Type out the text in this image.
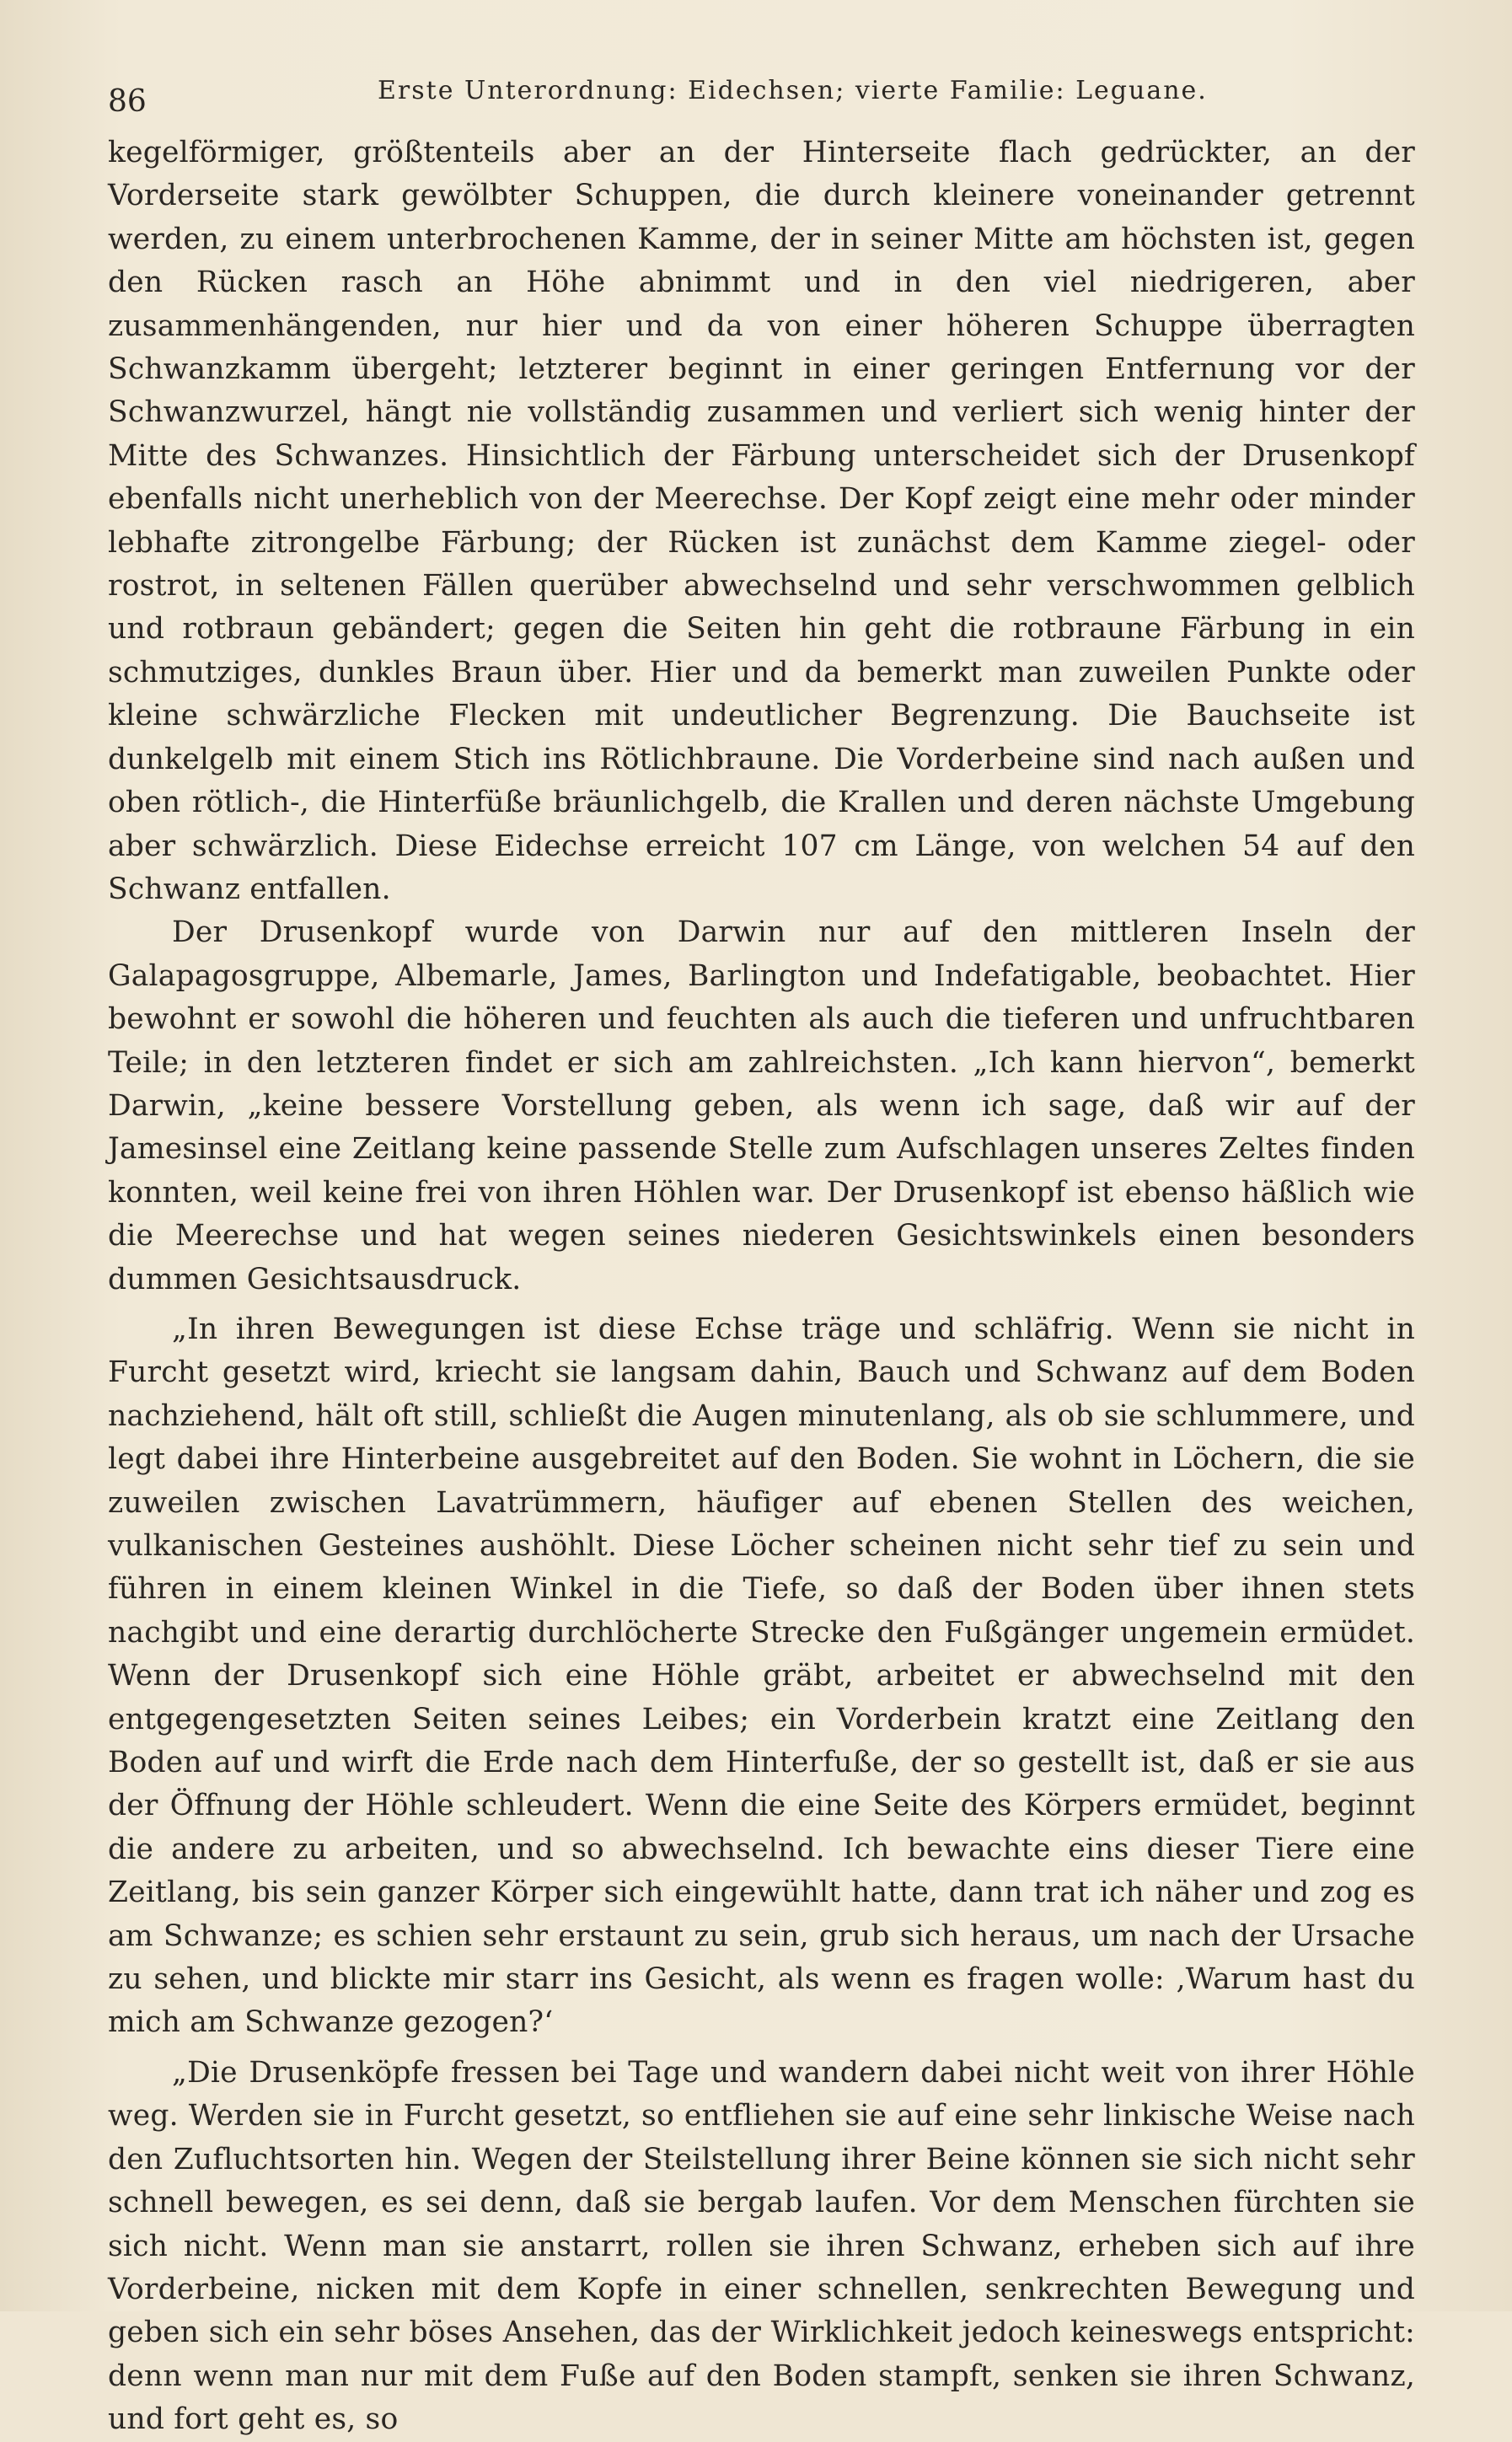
86	Erste Unterordnung: Eidechsen; vierte Familie: Leguane.

kegelförmiger, größtenteils aber an der Hinterseite flach gedrückter, an der Vorderseite stark gewölbter Schuppen, die durch kleinere voneinander getrennt werden, zu einem unterbrochenen Kamme, der in seiner Mitte am höchsten ist, gegen den Rücken rasch an Höhe abnimmt und in den viel niedrigeren, aber zusammenhängenden, nur hier und da von einer höheren Schuppe überragten Schwanzkamm übergeht; letzterer beginnt in einer geringen Entfernung vor der Schwanzwurzel, hängt nie vollständig zusammen und verliert sich wenig hinter der Mitte des Schwanzes. Hinsichtlich der Färbung unterscheidet sich der Drusenkopf ebenfalls nicht unerheblich von der Meerechse. Der Kopf zeigt eine mehr oder minder lebhafte zitrongelbe Färbung; der Rücken ist zunächst dem Kamme ziegel- oder rostrot, in seltenen Fällen querüber abwechselnd und sehr verschwommen gelblich und rotbraun gebändert; gegen die Seiten hin geht die rotbraune Färbung in ein schmutziges, dunkles Braun über. Hier und da bemerkt man zuweilen Punkte oder kleine schwärzliche Flecken mit undeutlicher Begrenzung. Die Bauchseite ist dunkelgelb mit einem Stich ins Rötlichbraune. Die Vorderbeine sind nach außen und oben rötlich-, die Hinterfüße bräunlichgelb, die Krallen und deren nächste Umgebung aber schwärzlich. Diese Eidechse erreicht 107 cm Länge, von welchen 54 auf den Schwanz entfallen.

Der Drusenkopf wurde von Darwin nur auf den mittleren Inseln der Galapagosgruppe, Albemarle, James, Barlington und Indefatigable, beobachtet. Hier bewohnt er sowohl die höheren und feuchten als auch die tieferen und unfruchtbaren Teile; in den letzteren findet er sich am zahlreichsten. „Ich kann hiervon“, bemerkt Darwin, „keine bessere Vorstellung geben, als wenn ich sage, daß wir auf der Jamesinsel eine Zeitlang keine passende Stelle zum Aufschlagen unseres Zeltes finden konnten, weil keine frei von ihren Höhlen war. Der Drusenkopf ist ebenso häßlich wie die Meerechse und hat wegen seines niederen Gesichtswinkels einen besonders dummen Gesichtsausdruck.

„In ihren Bewegungen ist diese Echse träge und schläfrig. Wenn sie nicht in Furcht gesetzt wird, kriecht sie langsam dahin, Bauch und Schwanz auf dem Boden nachziehend, hält oft still, schließt die Augen minutenlang, als ob sie schlummere, und legt dabei ihre Hinterbeine ausgebreitet auf den Boden. Sie wohnt in Löchern, die sie zuweilen zwischen Lavatrümmern, häufiger auf ebenen Stellen des weichen, vulkanischen Gesteines aushöhlt. Diese Löcher scheinen nicht sehr tief zu sein und führen in einem kleinen Winkel in die Tiefe, so daß der Boden über ihnen stets nachgibt und eine derartig durchlöcherte Strecke den Fußgänger ungemein ermüdet. Wenn der Drusenkopf sich eine Höhle gräbt, arbeitet er abwechselnd mit den entgegengesetzten Seiten seines Leibes; ein Vorderbein kratzt eine Zeitlang den Boden auf und wirft die Erde nach dem Hinterfuße, der so gestellt ist, daß er sie aus der Öffnung der Höhle schleudert. Wenn die eine Seite des Körpers ermüdet, beginnt die andere zu arbeiten, und so abwechselnd. Ich bewachte eins dieser Tiere eine Zeitlang, bis sein ganzer Körper sich eingewühlt hatte, dann trat ich näher und zog es am Schwanze; es schien sehr erstaunt zu sein, grub sich heraus, um nach der Ursache zu sehen, und blickte mir starr ins Gesicht, als wenn es fragen wolle: ‚Warum hast du mich am Schwanze gezogen?‘

„Die Drusenköpfe fressen bei Tage und wandern dabei nicht weit von ihrer Höhle weg. Werden sie in Furcht gesetzt, so entfliehen sie auf eine sehr linkische Weise nach den Zufluchtsorten hin. Wegen der Steilstellung ihrer Beine können sie sich nicht sehr schnell bewegen, es sei denn, daß sie bergab laufen. Vor dem Menschen fürchten sie sich nicht. Wenn man sie anstarrt, rollen sie ihren Schwanz, erheben sich auf ihre Vorderbeine, nicken mit dem Kopfe in einer schnellen, senkrechten Bewegung und geben sich ein sehr böses Ansehen, das der Wirklichkeit jedoch keineswegs entspricht: denn wenn man nur mit dem Fuße auf den Boden stampft, senken sie ihren Schwanz, und fort geht es, so
